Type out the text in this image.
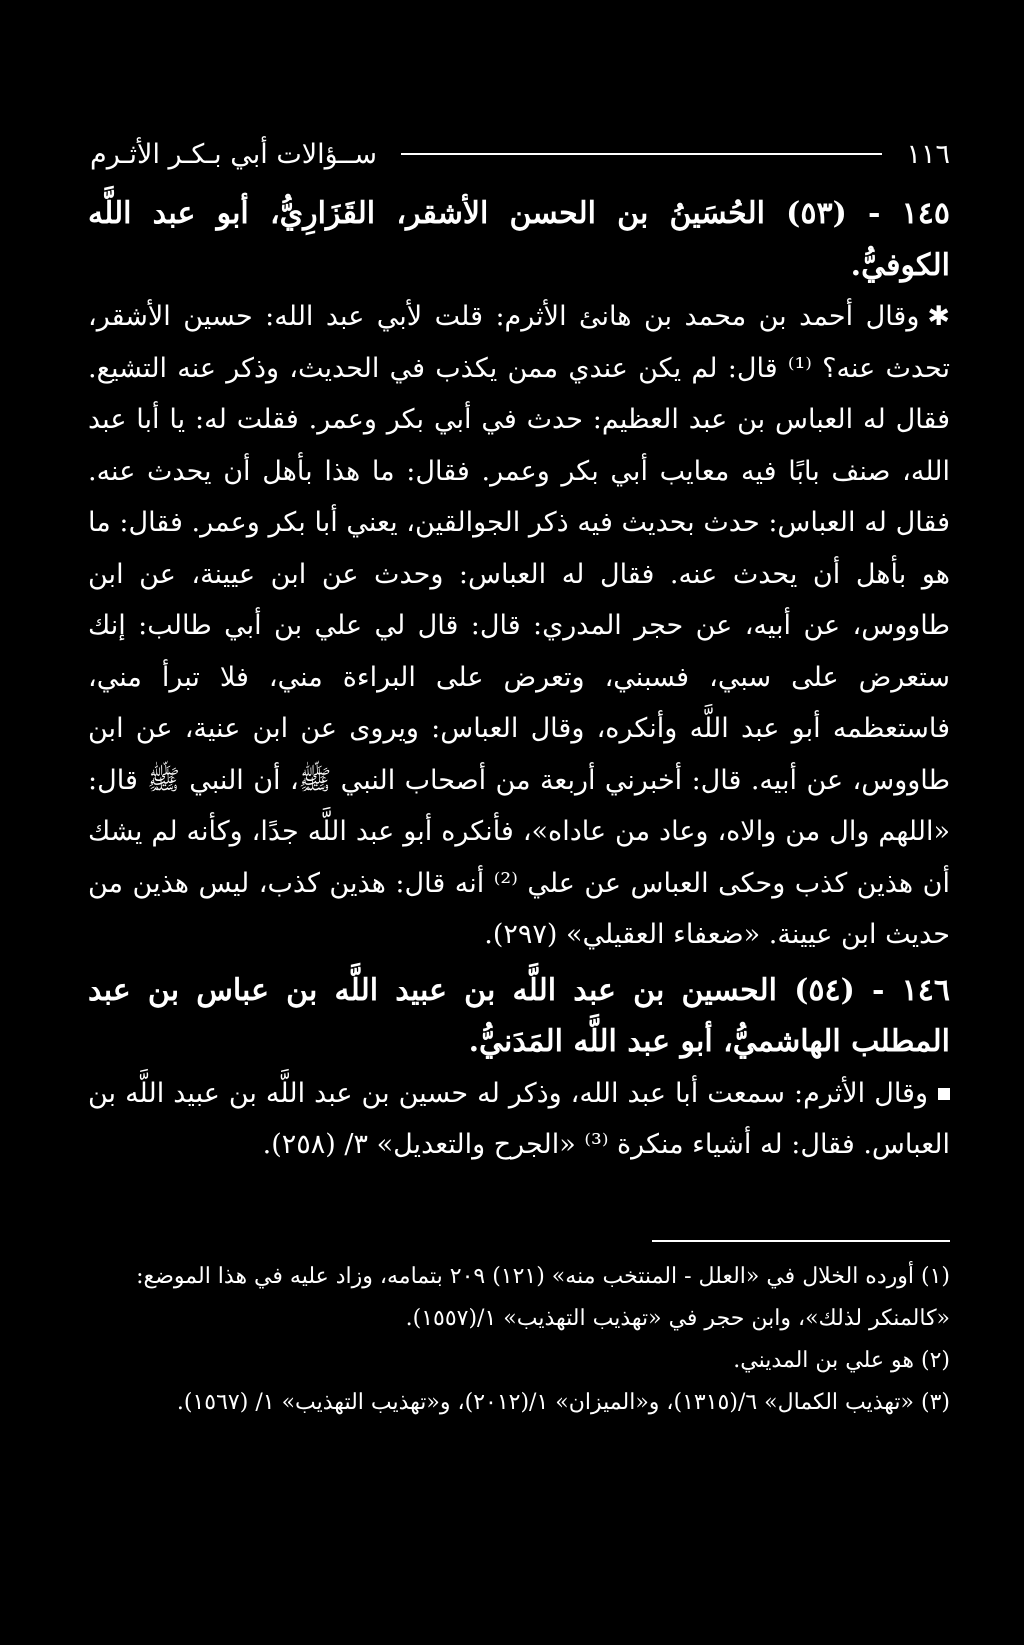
١١٦
ســؤالات أبي بـكـر الأثـرم

١٤٥ - (٥٣) الحُسَينُ بن الحسن الأشقر، القَزَارِيُّ، أبو عبد اللَّه الكوفيُّ.

✱وقال أحمد بن محمد بن هانئ الأثرم: قلت لأبي عبد الله: حسين الأشقر، تحدث عنه؟ ⁽¹⁾ قال: لم يكن عندي ممن يكذب في الحديث، وذكر عنه التشيع. فقال له العباس بن عبد العظيم: حدث في أبي بكر وعمر. فقلت له: يا أبا عبد الله، صنف بابًا فيه معايب أبي بكر وعمر. فقال: ما هذا بأهل أن يحدث عنه. فقال له العباس: حدث بحديث فيه ذكر الجوالقين، يعني أبا بكر وعمر. فقال: ما هو بأهل أن يحدث عنه. فقال له العباس: وحدث عن ابن عيينة، عن ابن طاووس، عن أبيه، عن حجر المدري: قال: قال لي علي بن أبي طالب: إنك ستعرض على سبي، فسبني، وتعرض على البراءة مني، فلا تبرأ مني، فاستعظمه أبو عبد اللَّه وأنكره، وقال العباس: ويروى عن ابن عنية، عن ابن طاووس، عن أبيه. قال: أخبرني أربعة من أصحاب النبي ﷺ، أن النبي ﷺ قال: «اللهم وال من والاه، وعاد من عاداه»، فأنكره أبو عبد اللَّه جدًا، وكأنه لم يشك أن هذين كذب وحكى العباس عن علي ⁽²⁾ أنه قال: هذين كذب، ليس هذين من حديث ابن عيينة. «ضعفاء العقيلي» (٢٩٧).

١٤٦ - (٥٤) الحسين بن عبد اللَّه بن عبيد اللَّه بن عباس بن عبد المطلب الهاشميُّ، أبو عبد اللَّه المَدَنيُّ.

وقال الأثرم: سمعت أبا عبد الله، وذكر له حسين بن عبد اللَّه بن عبيد اللَّه بن العباس. فقال: له أشياء منكرة ⁽³⁾ «الجرح والتعديل» ٣/ (٢٥٨).

(١) أورده الخلال في «العلل - المنتخب منه» (١٢١) ٢٠٩ بتمامه، وزاد عليه في هذا الموضع: «كالمنكر لذلك»، وابن حجر في «تهذيب التهذيب» ١/(١٥٥٧).

(٢) هو علي بن المديني.

(٣) «تهذيب الكمال» ٦/(١٣١٥)، و«الميزان» ١/(٢٠١٢)، و«تهذيب التهذيب» ١/ (١٥٦٧).
